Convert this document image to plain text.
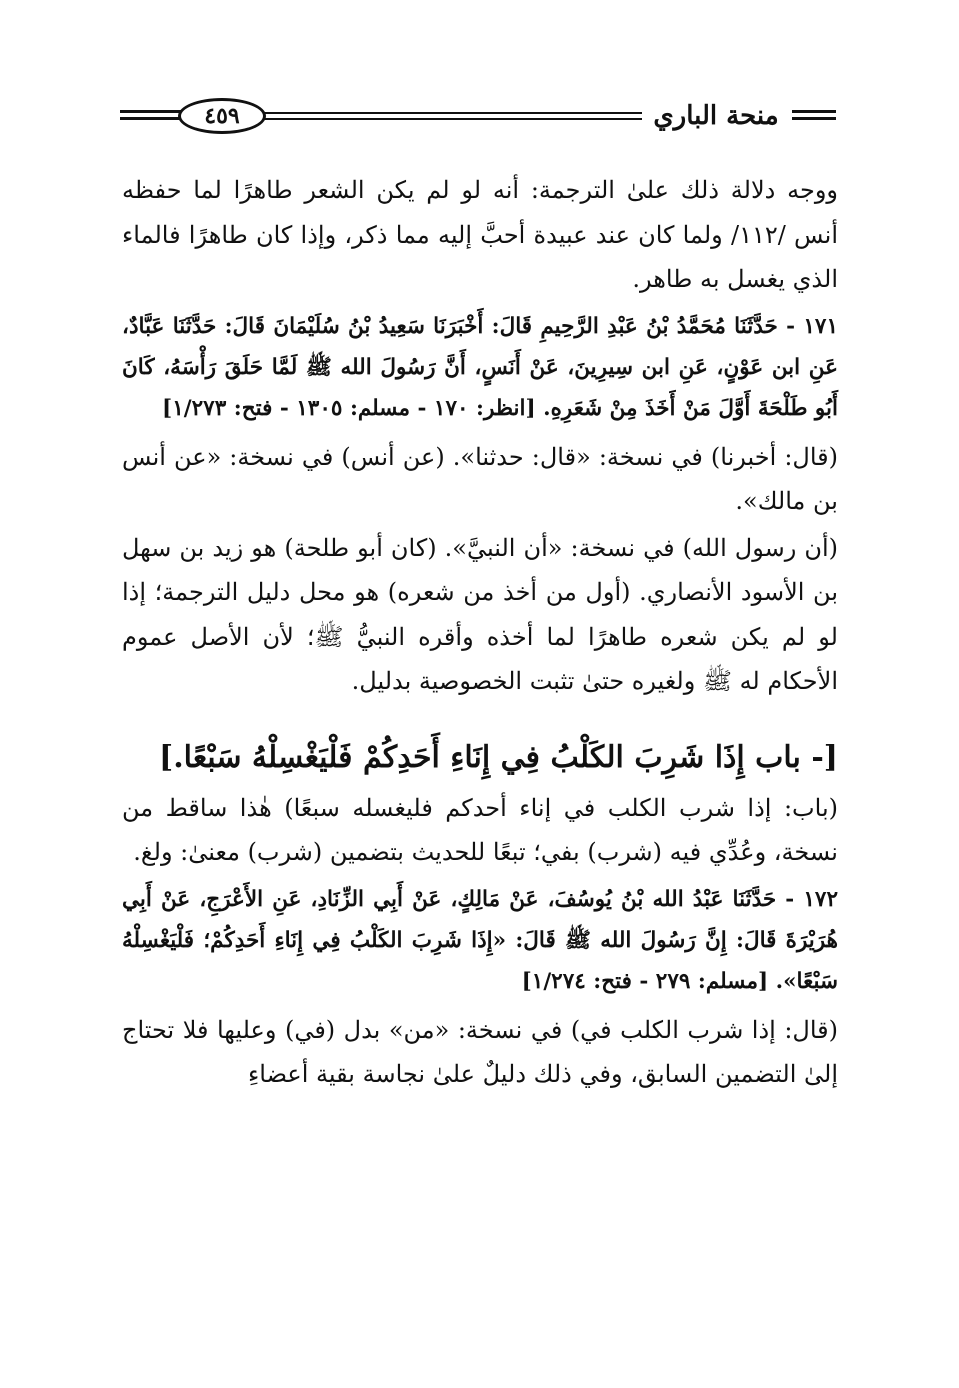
٤٥٩	منحة الباري

ووجه دلالة ذلك علىٰ الترجمة: أنه لو لم يكن الشعر طاهرًا لما حفظه أنس /١١٢/ ولما كان عند عبيدة أحبَّ إليه مما ذكر، وإذا كان طاهرًا فالماء الذي يغسل به طاهر.

١٧١ - حَدَّثَنَا مُحَمَّدُ بْنُ عَبْدِ الرَّحِيمِ قَالَ: أَخْبَرَنَا سَعِيدُ بْنُ سُلَيْمَانَ قَالَ: حَدَّثَنَا عَبَّادٌ، عَنِ ابن عَوْنٍ، عَنِ ابن سِيرِينَ، عَنْ أَنَسٍ، أَنَّ رَسُولَ الله ﷺ لَمَّا حَلَقَ رَأْسَهُ، كَانَ أَبُو طَلْحَةَ أَوَّلَ مَنْ أَخَذَ مِنْ شَعَرِهِ. [انظر: ١٧٠ - مسلم: ١٣٠٥ - فتح: ١/٢٧٣]

(قال: أخبرنا) في نسخة: «قال: حدثنا». (عن أنس) في نسخة: «عن أنس بن مالك».

(أن رسول الله) في نسخة: «أن النبيَّ». (كان أبو طلحة) هو زيد بن سهل بن الأسود الأنصاري. (أول من أخذ من شعره) هو محل دليل الترجمة؛ إذا لو لم يكن شعره طاهرًا لما أخذه وأقره النبيُّ ﷺ؛ لأن الأصل عموم الأحكام له ﷺ ولغيره حتىٰ تثبت الخصوصية بدليل.

[- باب إِذَا شَرِبَ الكَلْبُ فِي إِنَاءِ أَحَدِكُمْ فَلْيَغْسِلْهُ سَبْعًا.]

(باب: إذا شرب الكلب في إناء أحدكم فليغسله سبعًا) هٰذا ساقط من نسخة، وعُدِّي فيه (شرب) بفي؛ تبعًا للحديث بتضمين (شرب) معنىٰ: ولغ.

١٧٢ - حَدَّثَنَا عَبْدُ الله بْنُ يُوسُفَ، عَنْ مَالِكٍ، عَنْ أَبِي الزِّنَادِ، عَنِ الأَعْرَجِ، عَنْ أَبِي هُرَيْرَةَ قَالَ: إِنَّ رَسُولَ الله ﷺ قَالَ: «إِذَا شَرِبَ الكَلْبُ فِي إِنَاءِ أَحَدِكُمْ؛ فَلْيَغْسِلْهُ سَبْعًا». [مسلم: ٢٧٩ - فتح: ١/٢٧٤]

(قال: إذا شرب الكلب في) في نسخة: «من» بدل (في) وعليها فلا تحتاج إلىٰ التضمين السابق، وفي ذلك دليلٌ علىٰ نجاسة بقية أعضاءِ
